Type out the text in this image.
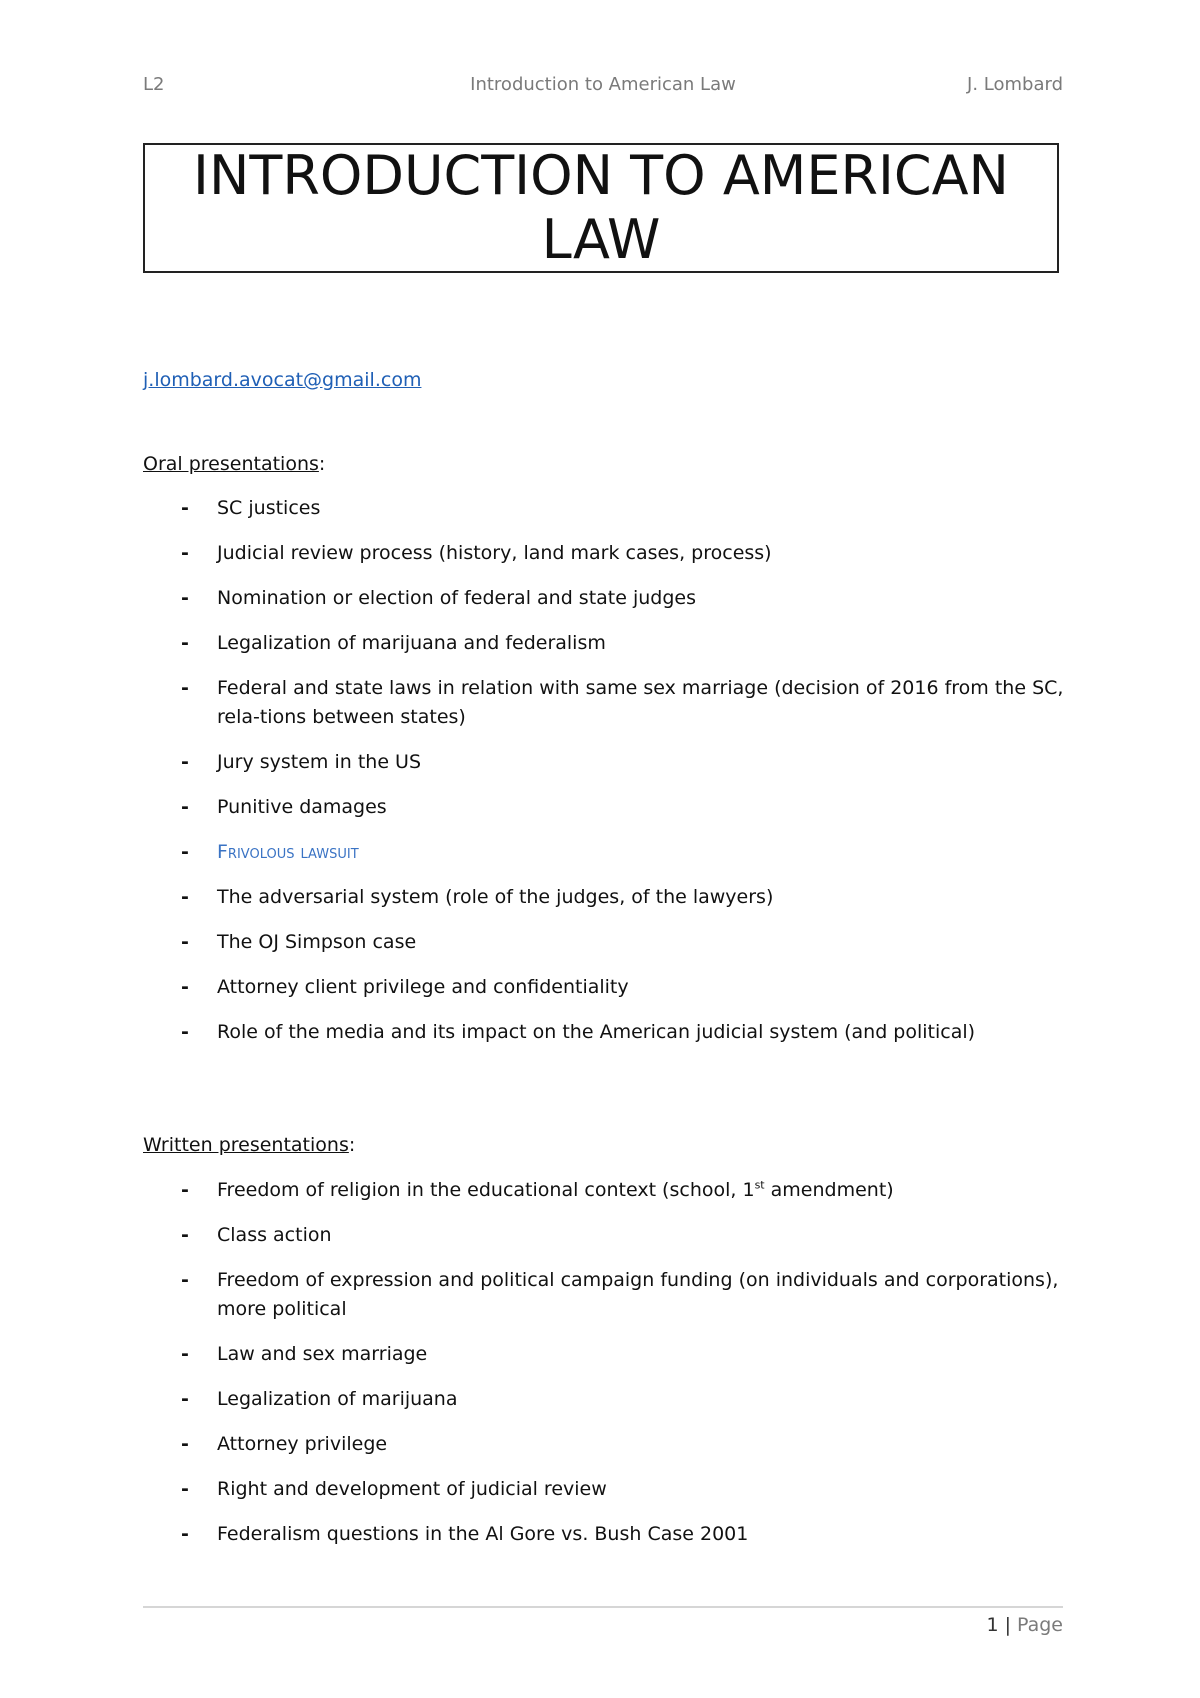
L2	Introduction to American Law	J. Lombard
INTRODUCTION TO AMERICAN LAW
j.lombard.avocat@gmail.com
Oral presentations:
- SC justices
- Judicial review process (history, land mark cases, process)
- Nomination or election of federal and state judges
- Legalization of marijuana and federalism
- Federal and state laws in relation with same sex marriage (decision of 2016 from the SC, rela-tions between states)
- Jury system in the US
- Punitive damages
- Frivolous lawsuit
- The adversarial system (role of the judges, of the lawyers)
- The OJ Simpson case
- Attorney client privilege and confidentiality
- Role of the media and its impact on the American judicial system (and political)
Written presentations:
- Freedom of religion in the educational context (school, 1st amendment)
- Class action
- Freedom of expression and political campaign funding (on individuals and corporations), more political
- Law and sex marriage
- Legalization of marijuana
- Attorney privilege
- Right and development of judicial review
- Federalism questions in the Al Gore vs. Bush Case 2001
1 | Page
